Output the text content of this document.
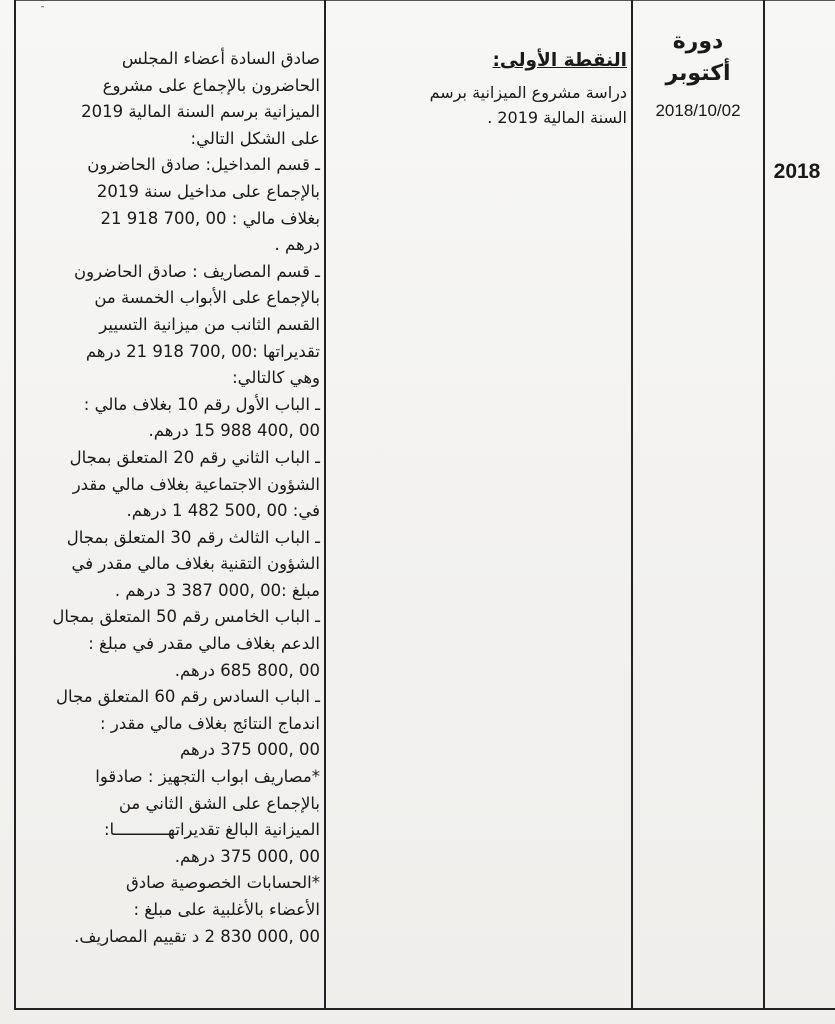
ˉ
2018
دورة
أكتوبر
2018/10/02
النقطة الأولى:
دراسة مشروع الميزانية برسم
السنة المالية 2019 .
صادق السادة أعضاء المجلس
الحاضرون بالإجماع على مشروع
الميزانية برسم السنة المالية 2019
على الشكل التالي:
ـ قسم المداخيل: صادق الحاضرون
بالإجماع على مداخيل سنة 2019
بغلاف مالي : 00 ,700 918 21
درهم .
ـ قسم المصاريف : صادق الحاضرون
بالإجماع على الأبواب الخمسة من
القسم الثانب من ميزانية التسيير
تقديراتها :00 ,700 918 21 درهم
وهي كالتالي:
ـ الباب الأول رقم 10 بغلاف مالي :
00 ,400 988 15 درهم.
ـ الباب الثاني رقم 20 المتعلق بمجال
الشؤون الاجتماعية بغلاف مالي مقدر
في: 00 ,500 482 1 درهم.
ـ الباب الثالث رقم 30 المتعلق بمجال
الشؤون التقنية بغلاف مالي مقدر في
مبلغ :00 ,000 387 3 درهم .
ـ الباب الخامس رقم 50 المتعلق بمجال
الدعم بغلاف مالي مقدر في مبلغ :
00 ,800 685 درهم.
ـ الباب السادس رقم 60 المتعلق مجال
اندماج النتائج بغلاف مالي مقدر :
00 ,000 375 درهم
*مصاريف ابواب التجهيز : صادقوا
بالإجماع على الشق الثاني من
الميزانية البالغ تقديراتهـــــــــــا:
00 ,000 375 درهم.
*الحسابات الخصوصية صادق
الأعضاء بالأغلبية على مبلغ :
00 ,000 830 2 د تقييم المصاريف.
